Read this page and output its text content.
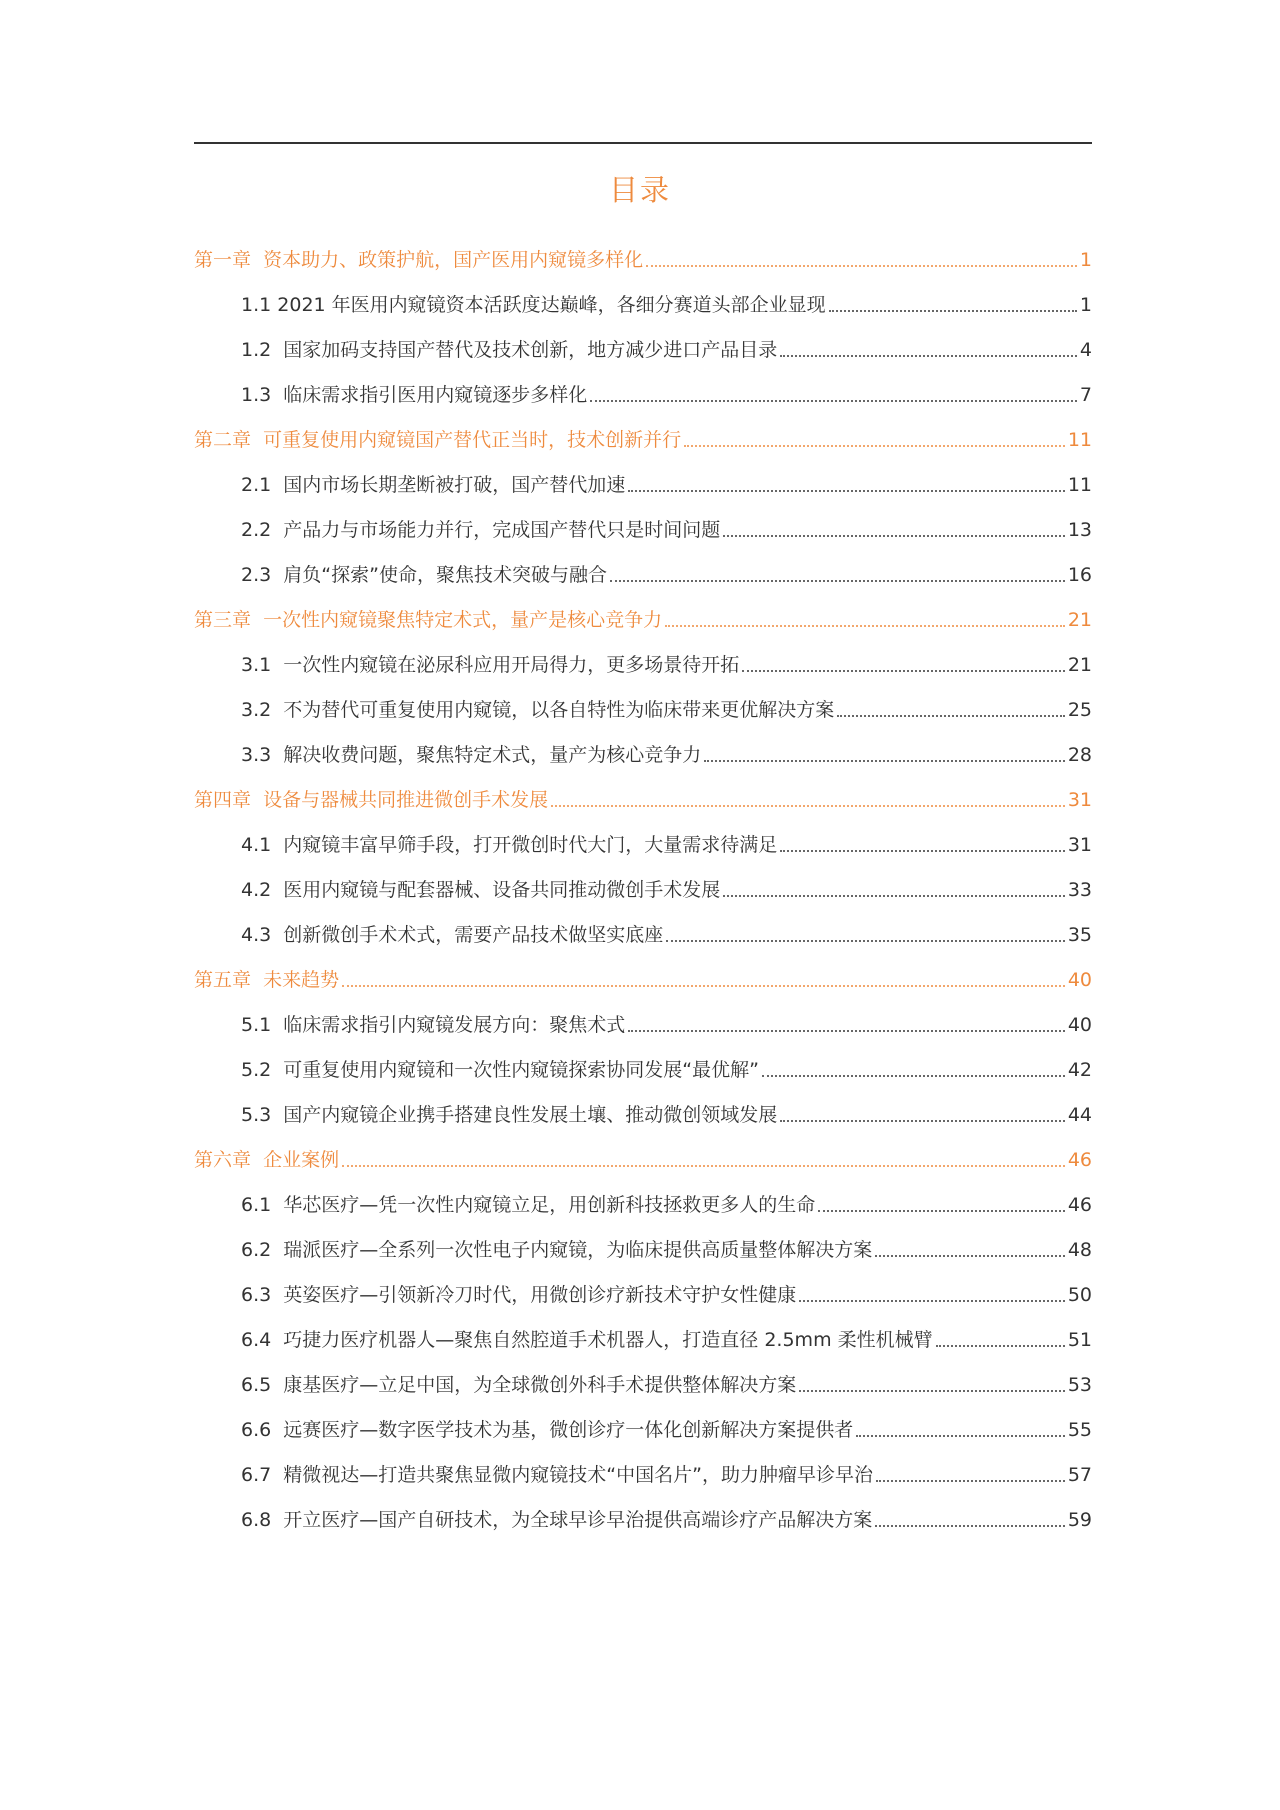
目录
第一章 资本助力、政策护航，国产医用内窥镜多样化	1
1.1 2021 年医用内窥镜资本活跃度达巅峰，各细分赛道头部企业显现	1
1.2 国家加码支持国产替代及技术创新，地方减少进口产品目录	4
1.3 临床需求指引医用内窥镜逐步多样化	7
第二章 可重复使用内窥镜国产替代正当时，技术创新并行	11
2.1 国内市场长期垄断被打破，国产替代加速	11
2.2 产品力与市场能力并行，完成国产替代只是时间问题	13
2.3 肩负“探索”使命，聚焦技术突破与融合	16
第三章 一次性内窥镜聚焦特定术式，量产是核心竞争力	21
3.1 一次性内窥镜在泌尿科应用开局得力，更多场景待开拓	21
3.2 不为替代可重复使用内窥镜，以各自特性为临床带来更优解决方案	25
3.3 解决收费问题，聚焦特定术式，量产为核心竞争力	28
第四章 设备与器械共同推进微创手术发展	31
4.1 内窥镜丰富早筛手段，打开微创时代大门，大量需求待满足	31
4.2 医用内窥镜与配套器械、设备共同推动微创手术发展	33
4.3 创新微创手术术式，需要产品技术做坚实底座	35
第五章 未来趋势	40
5.1 临床需求指引内窥镜发展方向：聚焦术式	40
5.2 可重复使用内窥镜和一次性内窥镜探索协同发展“最优解”	42
5.3 国产内窥镜企业携手搭建良性发展土壤、推动微创领域发展	44
第六章 企业案例	46
6.1 华芯医疗—凭一次性内窥镜立足，用创新科技拯救更多人的生命	46
6.2 瑞派医疗—全系列一次性电子内窥镜，为临床提供高质量整体解决方案	48
6.3 英姿医疗—引领新冷刀时代，用微创诊疗新技术守护女性健康	50
6.4 巧捷力医疗机器人—聚焦自然腔道手术机器人，打造直径 2.5mm 柔性机械臂	51
6.5 康基医疗—立足中国，为全球微创外科手术提供整体解决方案	53
6.6 远赛医疗—数字医学技术为基，微创诊疗一体化创新解决方案提供者	55
6.7 精微视达—打造共聚焦显微内窥镜技术“中国名片”，助力肿瘤早诊早治	57
6.8 开立医疗—国产自研技术，为全球早诊早治提供高端诊疗产品解决方案	59
